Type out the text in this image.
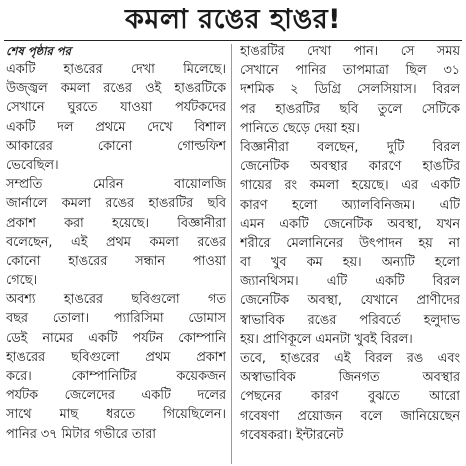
কমলা রঙের হাঙর!

শেষ পৃষ্ঠার পর

একটি হাঙরের দেখা মিলেছে।
উজ্জ্বল কমলা রঙের ওই হাঙরটিকে
সেখানে ঘুরতে যাওয়া পর্যটকদের
একটি দল প্রথমে দেখে বিশাল
আকারের কোনো গোল্ডফিশ
ভেবেছিল।
সম্প্রতি মেরিন বায়োলজি
জার্নালে কমলা রঙের হাঙরটির ছবি
প্রকাশ করা হয়েছে। বিজ্ঞানীরা
বলেছেন, এই প্রথম কমলা রঙের
কোনো হাঙরের সন্ধান পাওয়া
গেছে।
অবশ্য হাঙরের ছবিগুলো গত
বছর তোলা। প্যারিসিমা ডোমাস
ডেই নামের একটি পর্যটন কোম্পানি
হাঙরের ছবিগুলো প্রথম প্রকাশ
করে। কোম্পানিটির কয়েকজন
পর্যটক জেলেদের একটি দলের
সাথে মাছ ধরতে গিয়েছিলেন।
পানির ৩৭ মিটার গভীরে তারা
হাঙরটির দেখা পান। সে সময়
সেখানে পানির তাপমাত্রা ছিল ৩১
দশমিক ২ ডিগ্রি সেলসিয়াস। বিরল
পর হাঙরটির ছবি তুলে সেটিকে
পানিতে ছেড়ে দেয়া হয়।
বিজ্ঞানীরা বলছেন, দুটি বিরল
জেনেটিক অবস্থার কারণে হাঙটির
গায়ের রং কমলা হয়েছে। এর একটি
কারণ হলো অ্যালবিনিজম। এটি
এমন একটি জেনেটিক অবস্থা, যখন
শরীরে মেলানিনের উৎপাদন হয় না
বা খুব কম হয়। অন্যটি হলো
জ্যানথিসম। এটি একটি বিরল
জেনেটিক অবস্থা, যেখানে প্রাণীদের
স্বাভাবিক রঙের পরিবর্তে হলুদাভ
হয়। প্রাণিকূলে এমনটা খুবই বিরল।
তবে, হাঙরের এই বিরল রঙ এবং
অস্বাভাবিক জিনগত অবস্থার
পেছনের কারণ বুঝতে আরো
গবেষণা প্রয়োজন বলে জানিয়েছেন
গবেষকরা। ইন্টারনেট
